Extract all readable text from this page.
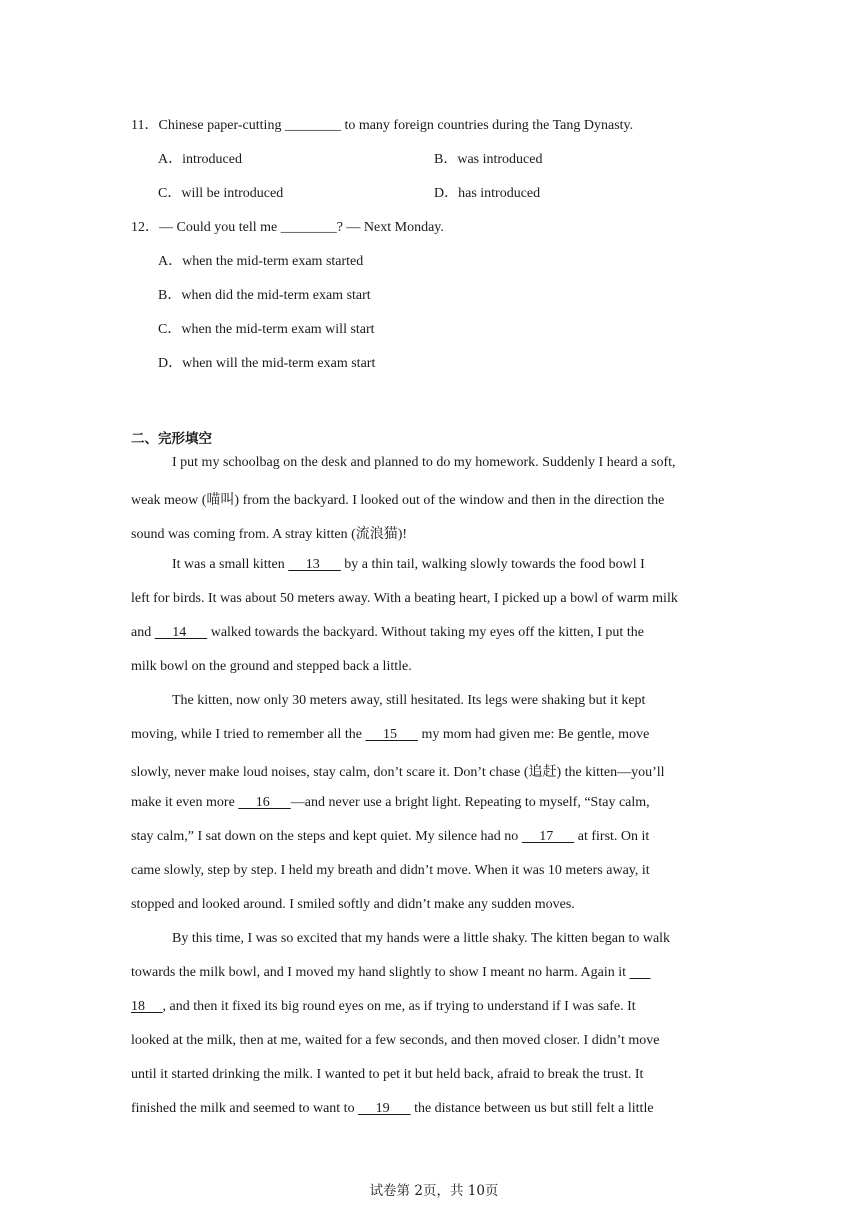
11．Chinese paper-cutting ________ to many foreign countries during the Tang Dynasty.
A．introduced	B．was introduced
C．will be introduced	D．has introduced
12．— Could you tell me ________? — Next Monday.
A．when the mid-term exam started
B．when did the mid-term exam start
C．when the mid-term exam will start
D．when will the mid-term exam start
二、完形填空
I put my schoolbag on the desk and planned to do my homework. Suddenly I heard a soft,
weak meow (喵叫) from the backyard. I looked out of the window and then in the direction the
sound was coming from. A stray kitten (流浪猫)!
It was a small kitten      13       by a thin tail, walking slowly towards the food bowl I
left for birds. It was about 50 meters away. With a beating heart, I picked up a bowl of warm milk
and      14       walked towards the backyard. Without taking my eyes off the kitten, I put the
milk bowl on the ground and stepped back a little.
The kitten, now only 30 meters away, still hesitated. Its legs were shaking but it kept
moving, while I tried to remember all the      15       my mom had given me: Be gentle, move
slowly, never make loud noises, stay calm, don’t scare it. Don’t chase (追赶) the kitten—you’ll
make it even more      16      —and never use a bright light. Repeating to myself, “Stay calm,
stay calm,” I sat down on the steps and kept quiet. My silence had no      17       at first. On it
came slowly, step by step. I held my breath and didn’t move. When it was 10 meters away, it
stopped and looked around. I smiled softly and didn’t make any sudden moves.
By this time, I was so excited that my hands were a little shaky. The kitten began to walk
towards the milk bowl, and I moved my hand slightly to show I meant no harm. Again it
18     , and then it fixed its big round eyes on me, as if trying to understand if I was safe. It
looked at the milk, then at me, waited for a few seconds, and then moved closer. I didn’t move
until it started drinking the milk. I wanted to pet it but held back, afraid to break the trust. It
finished the milk and seemed to want to      19       the distance between us but still felt a little
试卷第 2页，共 10页
